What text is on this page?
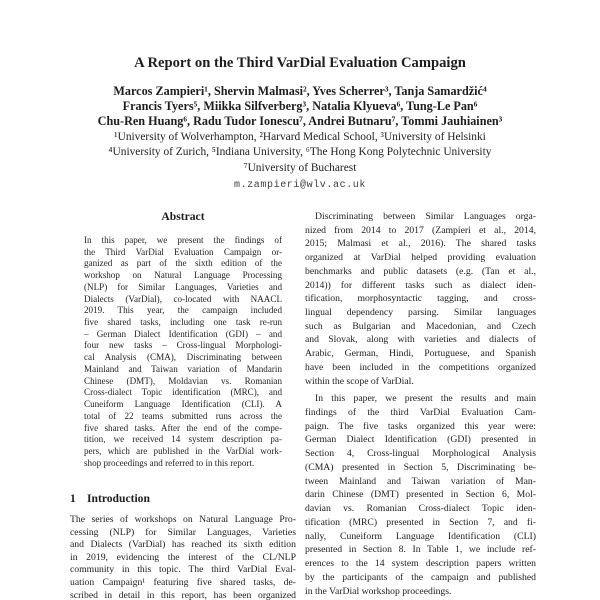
A Report on the Third VarDial Evaluation Campaign
Marcos Zampieri¹, Shervin Malmasi², Yves Scherrer³, Tanja Samardžić⁴
Francis Tyers⁵, Miikka Silfverberg³, Natalia Klyueva⁶, Tung-Le Pan⁶
Chu-Ren Huang⁶, Radu Tudor Ionescu⁷, Andrei Butnaru⁷, Tommi Jauhiainen³
¹University of Wolverhampton, ²Harvard Medical School, ³University of Helsinki
⁴University of Zurich, ⁵Indiana University, ⁶The Hong Kong Polytechnic University
⁷University of Bucharest
m.zampieri@wlv.ac.uk
Abstract
In this paper, we present the findings of
the Third VarDial Evaluation Campaign or-
ganized as part of the sixth edition of the
workshop on Natural Language Processing
(NLP) for Similar Languages, Varieties and
Dialects (VarDial), co-located with NAACL
2019. This year, the campaign included
five shared tasks, including one task re-run
– German Dialect Identification (GDI) – and
four new tasks – Cross-lingual Morphologi-
cal Analysis (CMA), Discriminating between
Mainland and Taiwan variation of Mandarin
Chinese (DMT), Moldavian vs. Romanian
Cross-dialect Topic identification (MRC), and
Cuneiform Language Identification (CLI). A
total of 22 teams submitted runs across the
five shared tasks. After the end of the compe-
tition, we received 14 system description pa-
pers, which are published in the VarDial work-
shop proceedings and referred to in this report.
1 Introduction
The series of workshops on Natural Language Pro-
cessing (NLP) for Similar Languages, Varieties
and Dialects (VarDial) has reached its sixth edition
in 2019, evidencing the interest of the CL/NLP
community in this topic. The third VarDial Eval-
uation Campaign¹ featuring five shared tasks, de-
scribed in detail in this report, has been organized
Discriminating between Similar Languages orga-
nized from 2014 to 2017 (Zampieri et al., 2014,
2015; Malmasi et al., 2016). The shared tasks
organized at VarDial helped providing evaluation
benchmarks and public datasets (e.g. (Tan et al.,
2014)) for different tasks such as dialect iden-
tification, morphosyntactic tagging, and cross-
lingual dependency parsing. Similar languages
such as Bulgarian and Macedonian, and Czech
and Slovak, along with varieties and dialects of
Arabic, German, Hindi, Portuguese, and Spanish
have been included in the competitions organized
within the scope of VarDial.
In this paper, we present the results and main
findings of the third VarDial Evaluation Cam-
paign. The five tasks organized this year were:
German Dialect Identification (GDI) presented in
Section 4, Cross-lingual Morphological Analysis
(CMA) presented in Section 5, Discriminating be-
tween Mainland and Taiwan variation of Man-
darin Chinese (DMT) presented in Section 6, Mol-
davian vs. Romanian Cross-dialect Topic iden-
tification (MRC) presented in Section 7, and fi-
nally, Cuneiform Language Identification (CLI)
presented in Section 8. In Table 1, we include ref-
erences to the 14 system description papers written
by the participants of the campaign and published
in the VarDial workshop proceedings.
